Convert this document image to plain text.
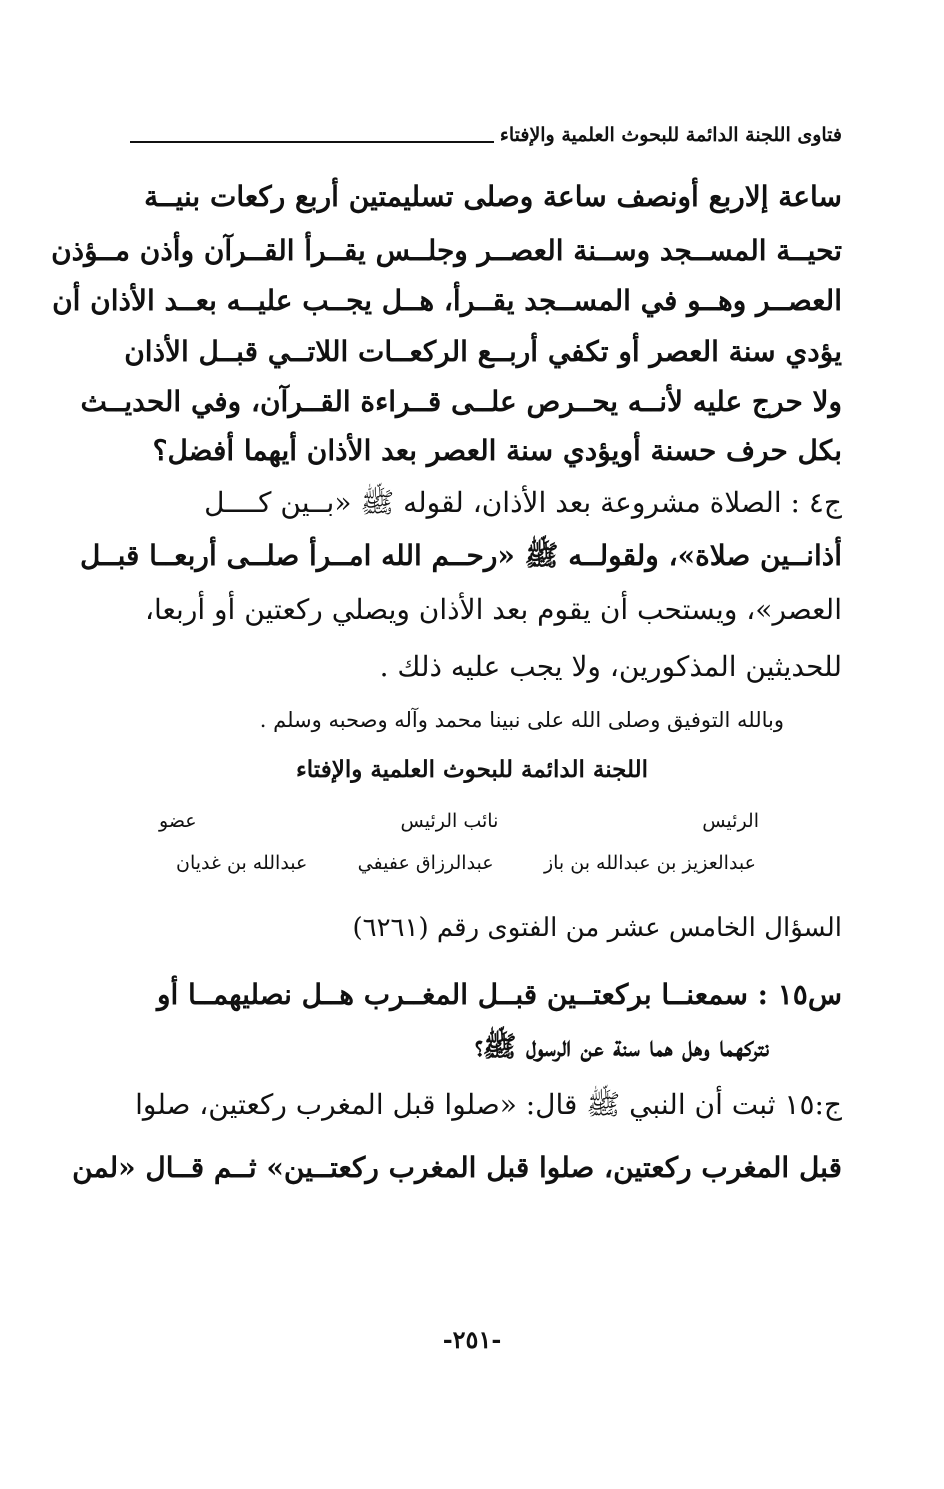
فتاوى اللجنة الدائمة للبحوث العلمية والإفتاء
ساعة إلاربع أونصف ساعة وصلى تسليمتين أربع ركعات بنيــة
تحيــة المســجد وســنة العصــر وجلــس يقــرأ القــرآن وأذن مــؤذن
العصــر وهــو في المســجد يقــرأ، هــل يجــب عليــه بعــد الأذان أن
يؤدي سنة العصر أو تكفي أربــع الركعــات اللاتــي قبــل الأذان
ولا حرج عليه لأنــه يحــرص علــى قــراءة القــرآن، وفي الحديــث
بكل حرف حسنة أويؤدي سنة العصر بعد الأذان أيهما أفضل؟
ج٤ : الصلاة مشروعة بعد الأذان، لقوله ﷺ «بــين كــــل
أذانــين صلاة»، ولقولــه ﷺ «رحــم الله امــرأ صلــى أربعــا قبــل
العصر»، ويستحب أن يقوم بعد الأذان ويصلي ركعتين أو أربعا،
للحديثين المذكورين، ولا يجب عليه ذلك .
وبالله التوفيق وصلى الله على نبينا محمد وآله وصحبه وسلم .
اللجنة الدائمة للبحوث العلمية والإفتاء
الرئيس
نائب الرئيس
عضو
عبدالعزيز بن عبدالله بن باز
عبدالرزاق عفيفي
عبدالله بن غديان
السؤال الخامس عشر من الفتوى رقم (٦٢٦١)
س١٥ : سمعنــا بركعتــين قبــل المغــرب هــل نصليهمــا أو
نتركهما وهل هما سنة عن الرسول ﷺ؟
ج:١٥ ثبت أن النبي ﷺ قال: «صلوا قبل المغرب ركعتين، صلوا
قبل المغرب ركعتين، صلوا قبل المغرب ركعتــين» ثــم قــال «لمن
-٢٥١-
